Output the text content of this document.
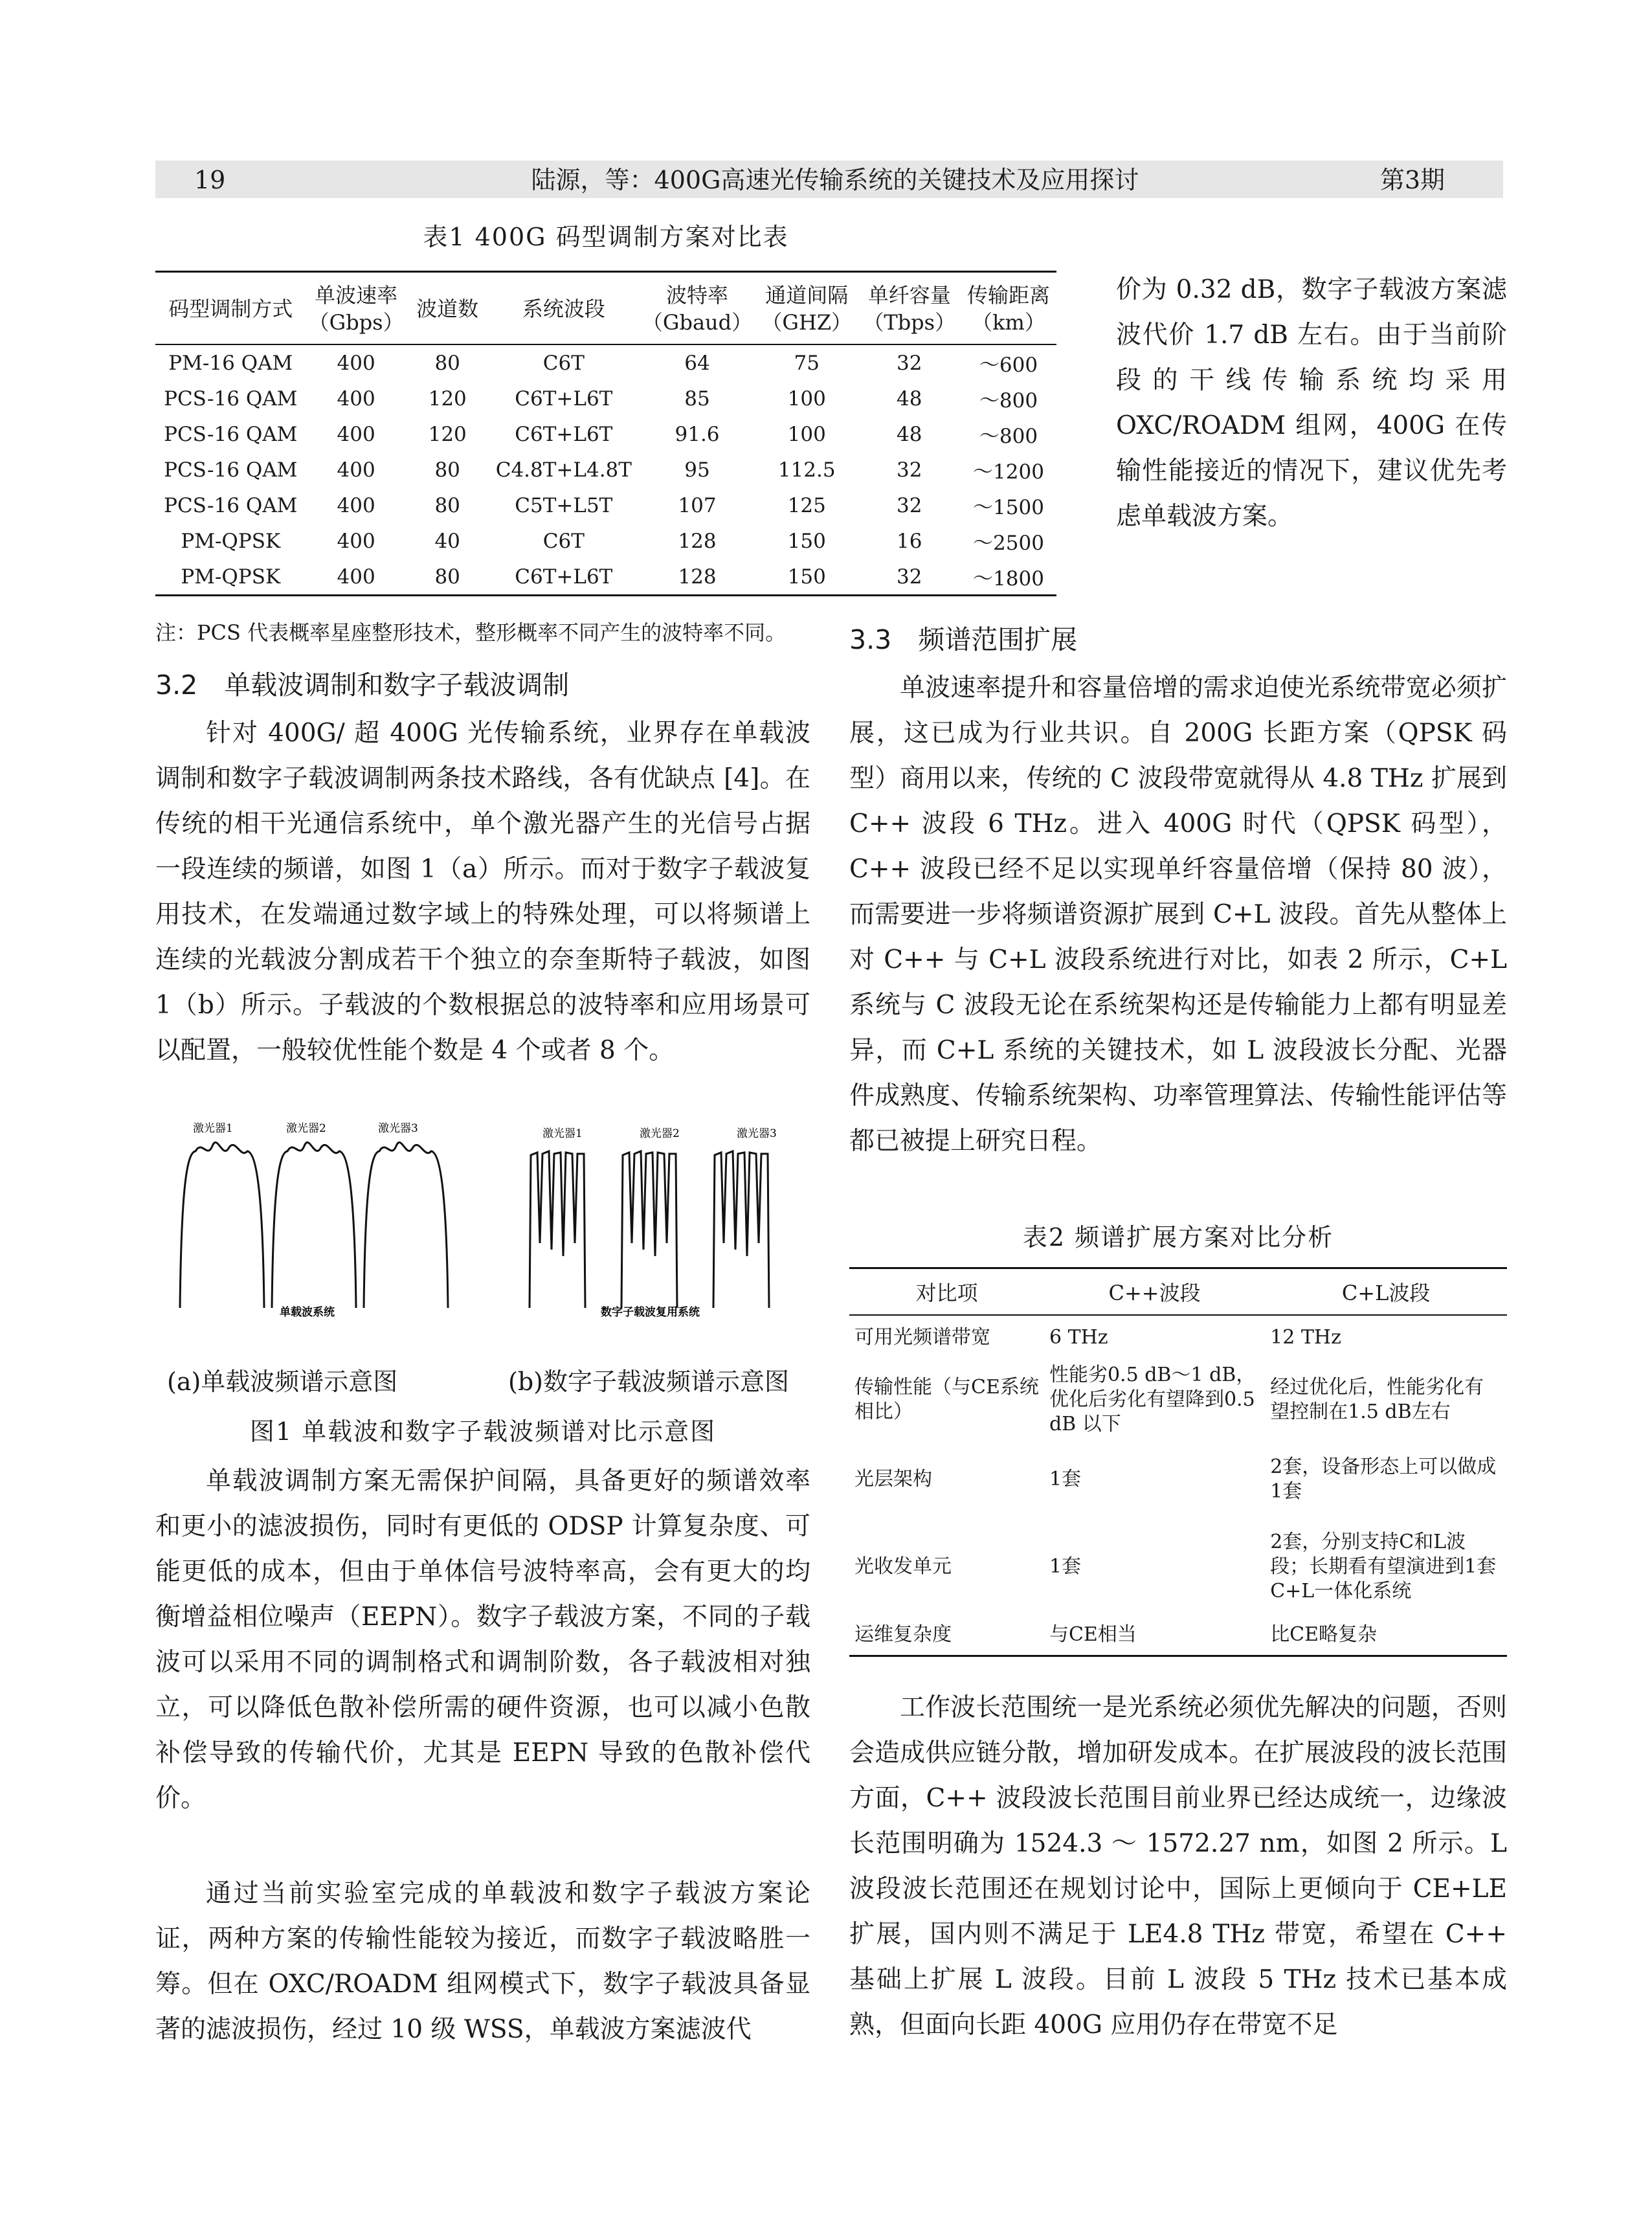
19	陆源，等：400G高速光传输系统的关键技术及应用探讨	第3期
表1 400G 码型调制方案对比表
码型调制方式	单波速率（Gbps）	波道数	系统波段	波特率（Gbaud）	通道间隔（GHZ）	单纤容量（Tbps）	传输距离（km）
PM-16 QAM	400	80	C6T	64	75	32	～600
PCS-16 QAM	400	120	C6T+L6T	85	100	48	～800
PCS-16 QAM	400	120	C6T+L6T	91.6	100	48	～800
PCS-16 QAM	400	80	C4.8T+L4.8T	95	112.5	32	～1200
PCS-16 QAM	400	80	C5T+L5T	107	125	32	～1500
PM-QPSK	400	40	C6T	128	150	16	～2500
PM-QPSK	400	80	C6T+L6T	128	150	32	～1800
注：PCS 代表概率星座整形技术，整形概率不同产生的波特率不同。
3.2　单载波调制和数字子载波调制

针对 400G/ 超 400G 光传输系统，业界存在单载波调制和数字子载波调制两条技术路线，各有优缺点 [4]。在传统的相干光通信系统中，单个激光器产生的光信号占据一段连续的频谱，如图 1（a）所示。而对于数字子载波复用技术，在发端通过数字域上的特殊处理，可以将频谱上连续的光载波分割成若干个独立的奈奎斯特子载波，如图 1（b）所示。子载波的个数根据总的波特率和应用场景可以配置，一般较优性能个数是 4 个或者 8 个。

激光器1	激光器2	激光器3
单载波系统
激光器1	激光器2	激光器3
数字子载波复用系统
(a)单载波频谱示意图	(b)数字子载波频谱示意图
图1 单载波和数字子载波频谱对比示意图

单载波调制方案无需保护间隔，具备更好的频谱效率和更小的滤波损伤，同时有更低的 ODSP 计算复杂度、可能更低的成本，但由于单体信号波特率高，会有更大的均衡增益相位噪声（EEPN）。数字子载波方案，不同的子载波可以采用不同的调制格式和调制阶数，各子载波相对独立，可以降低色散补偿所需的硬件资源，也可以减小色散补偿导致的传输代价，尤其是 EEPN 导致的色散补偿代价。

通过当前实验室完成的单载波和数字子载波方案论证，两种方案的传输性能较为接近，而数字子载波略胜一筹。但在 OXC/ROADM 组网模式下，数字子载波具备显著的滤波损伤，经过 10 级 WSS，单载波方案滤波代

价为 0.32 dB，数字子载波方案滤波代价 1.7 dB 左右。由于当前阶段的干线传输系统均采用 OXC/ROADM 组网，400G 在传输性能接近的情况下，建议优先考虑单载波方案。

3.3　频谱范围扩展

单波速率提升和容量倍增的需求迫使光系统带宽必须扩展，这已成为行业共识。自 200G 长距方案（QPSK 码型）商用以来，传统的 C 波段带宽就得从 4.8 THz 扩展到 C++ 波段 6 THz。进入 400G 时代（QPSK 码型），C++ 波段已经不足以实现单纤容量倍增（保持 80 波），而需要进一步将频谱资源扩展到 C+L 波段。首先从整体上对 C++ 与 C+L 波段系统进行对比，如表 2 所示，C+L 系统与 C 波段无论在系统架构还是传输能力上都有明显差异，而 C+L 系统的关键技术，如 L 波段波长分配、光器件成熟度、传输系统架构、功率管理算法、传输性能评估等都已被提上研究日程。

表2 频谱扩展方案对比分析
对比项	C++波段	C+L波段
可用光频谱带宽	6 THz	12 THz
传输性能（与CE系统相比）	性能劣0.5 dB～1 dB，优化后劣化有望降到0.5 dB 以下	经过优化后，性能劣化有望控制在1.5 dB左右
光层架构	1套	2套，设备形态上可以做成1套
光收发单元	1套	2套，分别支持C和L波段；长期看有望演进到1套C+L一体化系统
运维复杂度	与CE相当	比CE略复杂

工作波长范围统一是光系统必须优先解决的问题，否则会造成供应链分散，增加研发成本。在扩展波段的波长范围方面，C++ 波段波长范围目前业界已经达成统一，边缘波长范围明确为 1524.3 ～ 1572.27 nm，如图 2 所示。L 波段波长范围还在规划讨论中，国际上更倾向于 CE+LE 扩展，国内则不满足于 LE4.8 THz 带宽，希望在 C++ 基础上扩展 L 波段。目前 L 波段 5 THz 技术已基本成熟，但面向长距 400G 应用仍存在带宽不足
